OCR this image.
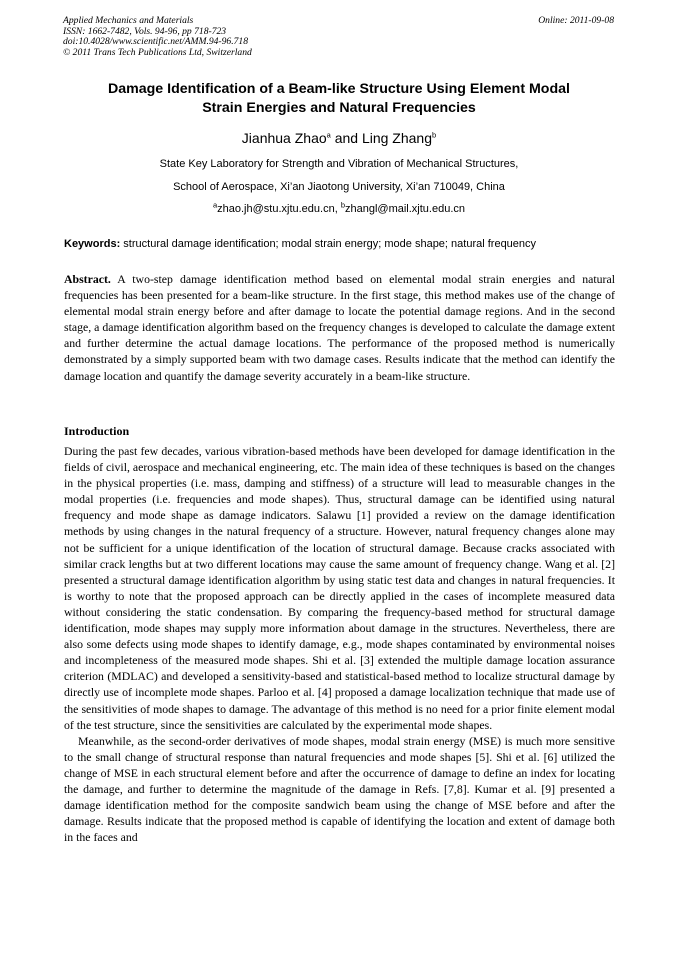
Applied Mechanics and Materials
ISSN: 1662-7482, Vols. 94-96, pp 718-723
doi:10.4028/www.scientific.net/AMM.94-96.718
© 2011 Trans Tech Publications Ltd, Switzerland
Online: 2011-09-08
Damage Identification of a Beam-like Structure Using Element Modal
Strain Energies and Natural Frequencies
Jianhua Zhao$^a$ and Ling Zhang$^b$
State Key Laboratory for Strength and Vibration of Mechanical Structures,
School of Aerospace, Xi’an Jiaotong University, Xi’an 710049, China
$^a$zhao.jh@stu.xjtu.edu.cn, $^b$zhangl@mail.xjtu.edu.cn
Keywords: structural damage identification; modal strain energy; mode shape; natural frequency
Abstract. A two-step damage identification method based on elemental modal strain energies and natural frequencies has been presented for a beam-like structure. In the first stage, this method makes use of the change of elemental modal strain energy before and after damage to locate the potential damage regions. And in the second stage, a damage identification algorithm based on the frequency changes is developed to calculate the damage extent and further determine the actual damage locations. The performance of the proposed method is numerically demonstrated by a simply supported beam with two damage cases. Results indicate that the method can identify the damage location and quantify the damage severity accurately in a beam-like structure.
Introduction

During the past few decades, various vibration-based methods have been developed for damage identification in the fields of civil, aerospace and mechanical engineering, etc. The main idea of these techniques is based on the changes in the physical properties (i.e. mass, damping and stiffness) of a structure will lead to measurable changes in the modal properties (i.e. frequencies and mode shapes). Thus, structural damage can be identified using natural frequency and mode shape as damage indicators. Salawu [1] provided a review on the damage identification methods by using changes in the natural frequency of a structure. However, natural frequency changes alone may not be sufficient for a unique identification of the location of structural damage. Because cracks associated with similar crack lengths but at two different locations may cause the same amount of frequency change. Wang et al. [2] presented a structural damage identification algorithm by using static test data and changes in natural frequencies. It is worthy to note that the proposed approach can be directly applied in the cases of incomplete measured data without considering the static condensation. By comparing the frequency-based method for structural damage identification, mode shapes may supply more information about damage in the structures. Nevertheless, there are also some defects using mode shapes to identify damage, e.g., mode shapes contaminated by environmental noises and incompleteness of the measured mode shapes. Shi et al. [3] extended the multiple damage location assurance criterion (MDLAC) and developed a sensitivity-based and statistical-based method to localize structural damage by directly use of incomplete mode shapes. Parloo et al. [4] proposed a damage localization technique that made use of the sensitivities of mode shapes to damage. The advantage of this method is no need for a prior finite element modal of the test structure, since the sensitivities are calculated by the experimental mode shapes.

Meanwhile, as the second-order derivatives of mode shapes, modal strain energy (MSE) is much more sensitive to the small change of structural response than natural frequencies and mode shapes [5]. Shi et al. [6] utilized the change of MSE in each structural element before and after the occurrence of damage to define an index for locating the damage, and further to determine the magnitude of the damage in Refs. [7,8]. Kumar et al. [9] presented a damage identification method for the composite sandwich beam using the change of MSE before and after the damage. Results indicate that the proposed method is capable of identifying the location and extent of damage both in the faces and
